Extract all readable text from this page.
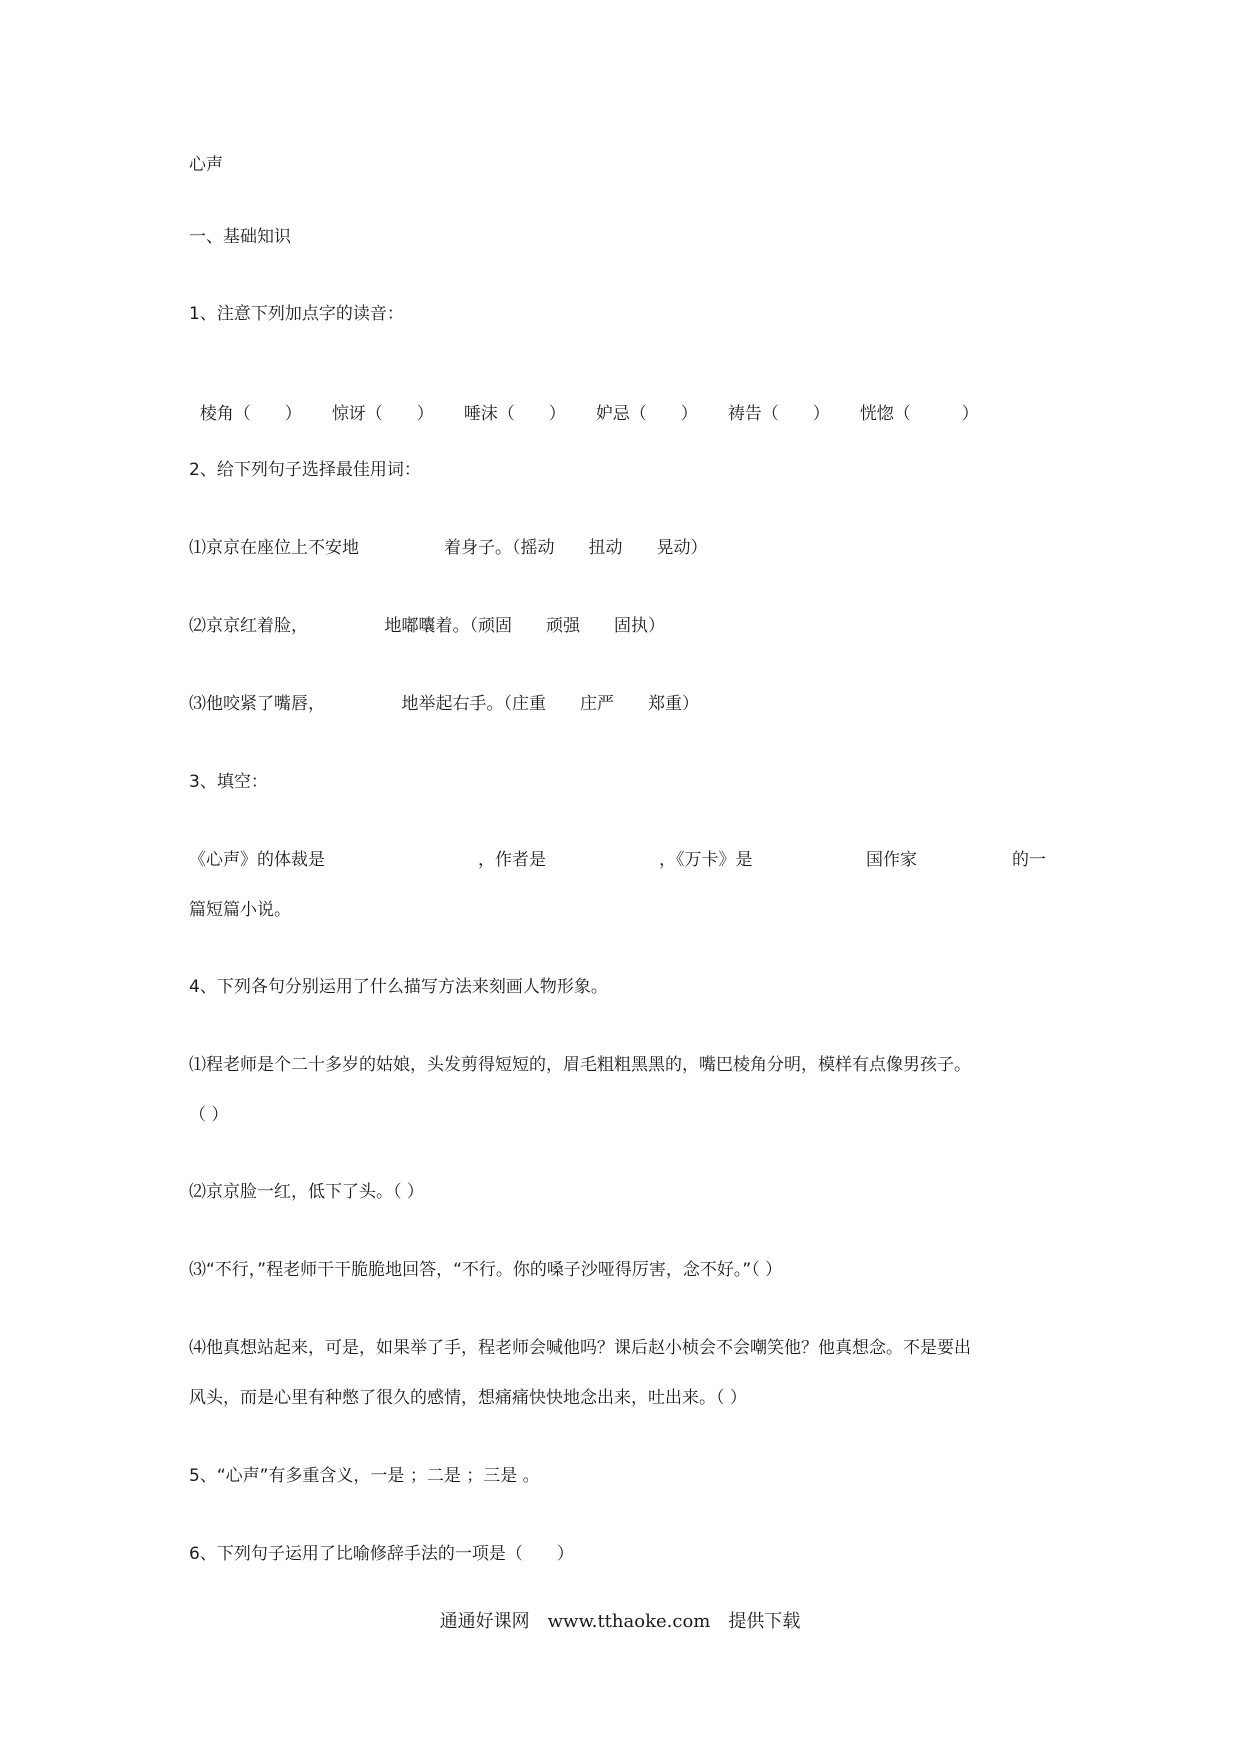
心声
一、基础知识
1、注意下列加点字的读音：

棱角（　　） 惊讶（　　） 唾沫（　　） 妒忌（　　） 祷告（　　） 恍惚（　　　）

2、给下列句子选择最佳用词：
⑴京京在座位上不安地　　　　　着身子。（摇动　　扭动　　晃动）
⑵京京红着脸，　　　　　地嘟囔着。（顽固　　顽强　　固执）
⑶他咬紧了嘴唇，　　　　　地举起右手。（庄重　　庄严　　郑重）
3、填空：
《心声》的体裁是	，作者是	，《万卡》是	国作家	的一
篇短篇小说。
4、下列各句分别运用了什么描写方法来刻画人物形象。
⑴程老师是个二十多岁的姑娘，头发剪得短短的，眉毛粗粗黑黑的，嘴巴棱角分明，模样有点像男孩子。
（ ）
⑵京京脸一红，低下了头。（ ）
⑶“不行，”程老师干干脆脆地回答，“不行。你的嗓子沙哑得厉害，念不好。”（ ）
⑷他真想站起来，可是，如果举了手，程老师会喊他吗？课后赵小桢会不会嘲笑他？他真想念。不是要出
风头，而是心里有种憋了很久的感情，想痛痛快快地念出来，吐出来。（ ）
5、“心声”有多重含义，一是 ；二是 ；三是 。
6、下列句子运用了比喻修辞手法的一项是（　　）
通通好课网　www.tthaoke.com　提供下载
